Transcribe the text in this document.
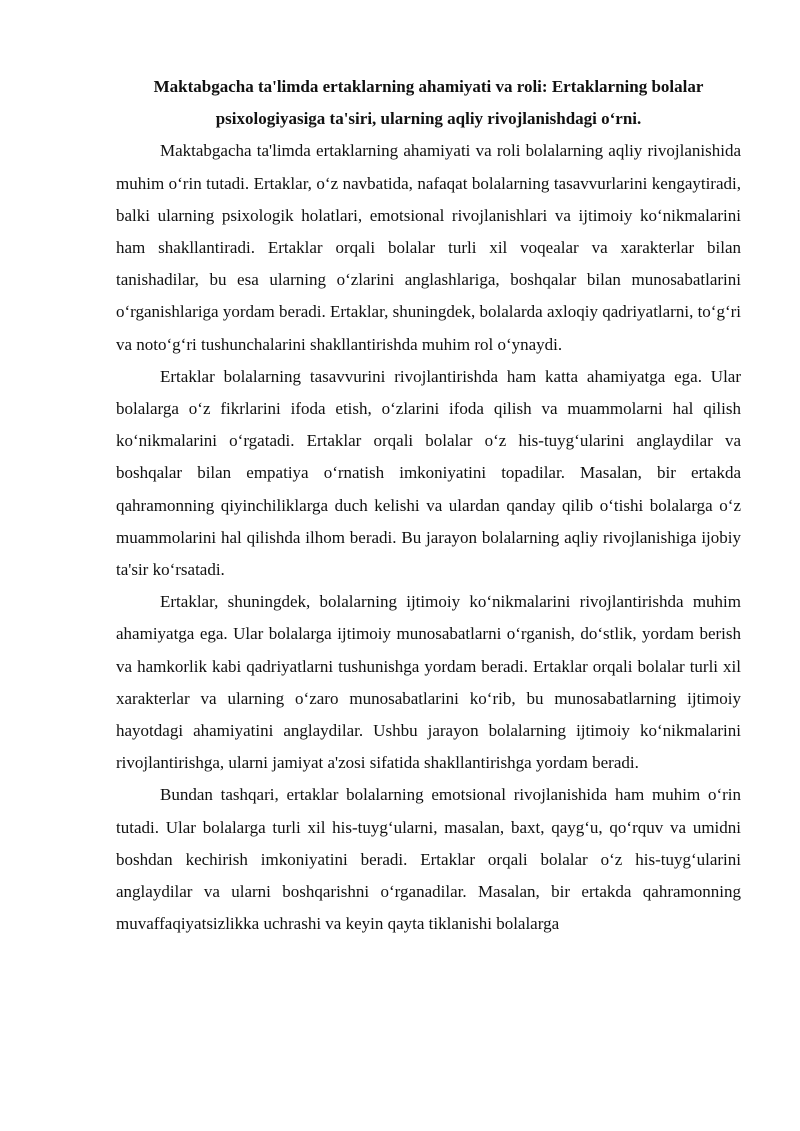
Maktabgacha ta'limda ertaklarning ahamiyati va roli: Ertaklarning bolalar psixologiyasiga ta'siri, ularning aqliy rivojlanishdagi o‘rni.

Maktabgacha ta'limda ertaklarning ahamiyati va roli bolalarning aqliy rivojlanishida muhim o‘rin tutadi. Ertaklar, o‘z navbatida, nafaqat bolalarning tasavvurlarini kengaytiradi, balki ularning psixologik holatlari, emotsional rivojlanishlari va ijtimoiy ko‘nikmalarini ham shakllantiradi. Ertaklar orqali bolalar turli xil voqealar va xarakterlar bilan tanishadilar, bu esa ularning o‘zlarini anglashlariga, boshqalar bilan munosabatlarini o‘rganishlariga yordam beradi. Ertaklar, shuningdek, bolalarda axloqiy qadriyatlarni, to‘g‘ri va noto‘g‘ri tushunchalarini shakllantirishda muhim rol o‘ynaydi.

Ertaklar bolalarning tasavvurini rivojlantirishda ham katta ahamiyatga ega. Ular bolalarga o‘z fikrlarini ifoda etish, o‘zlarini ifoda qilish va muammolarni hal qilish ko‘nikmalarini o‘rgatadi. Ertaklar orqali bolalar o‘z his-tuyg‘ularini anglaydilar va boshqalar bilan empatiya o‘rnatish imkoniyatini topadilar. Masalan, bir ertakda qahramonning qiyinchiliklarga duch kelishi va ulardan qanday qilib o‘tishi bolalarga o‘z muammolarini hal qilishda ilhom beradi. Bu jarayon bolalarning aqliy rivojlanishiga ijobiy ta'sir ko‘rsatadi.

Ertaklar, shuningdek, bolalarning ijtimoiy ko‘nikmalarini rivojlantirishda muhim ahamiyatga ega. Ular bolalarga ijtimoiy munosabatlarni o‘rganish, do‘stlik, yordam berish va hamkorlik kabi qadriyatlarni tushunishga yordam beradi. Ertaklar orqali bolalar turli xil xarakterlar va ularning o‘zaro munosabatlarini ko‘rib, bu munosabatlarning ijtimoiy hayotdagi ahamiyatini anglaydilar. Ushbu jarayon bolalarning ijtimoiy ko‘nikmalarini rivojlantirishga, ularni jamiyat a'zosi sifatida shakllantirishga yordam beradi.

Bundan tashqari, ertaklar bolalarning emotsional rivojlanishida ham muhim o‘rin tutadi. Ular bolalarga turli xil his-tuyg‘ularni, masalan, baxt, qayg‘u, qo‘rquv va umidni boshdan kechirish imkoniyatini beradi. Ertaklar orqali bolalar o‘z his-tuyg‘ularini anglaydilar va ularni boshqarishni o‘rganadilar. Masalan, bir ertakda qahramonning muvaffaqiyatsizlikka uchrashi va keyin qayta tiklanishi bolalarga
